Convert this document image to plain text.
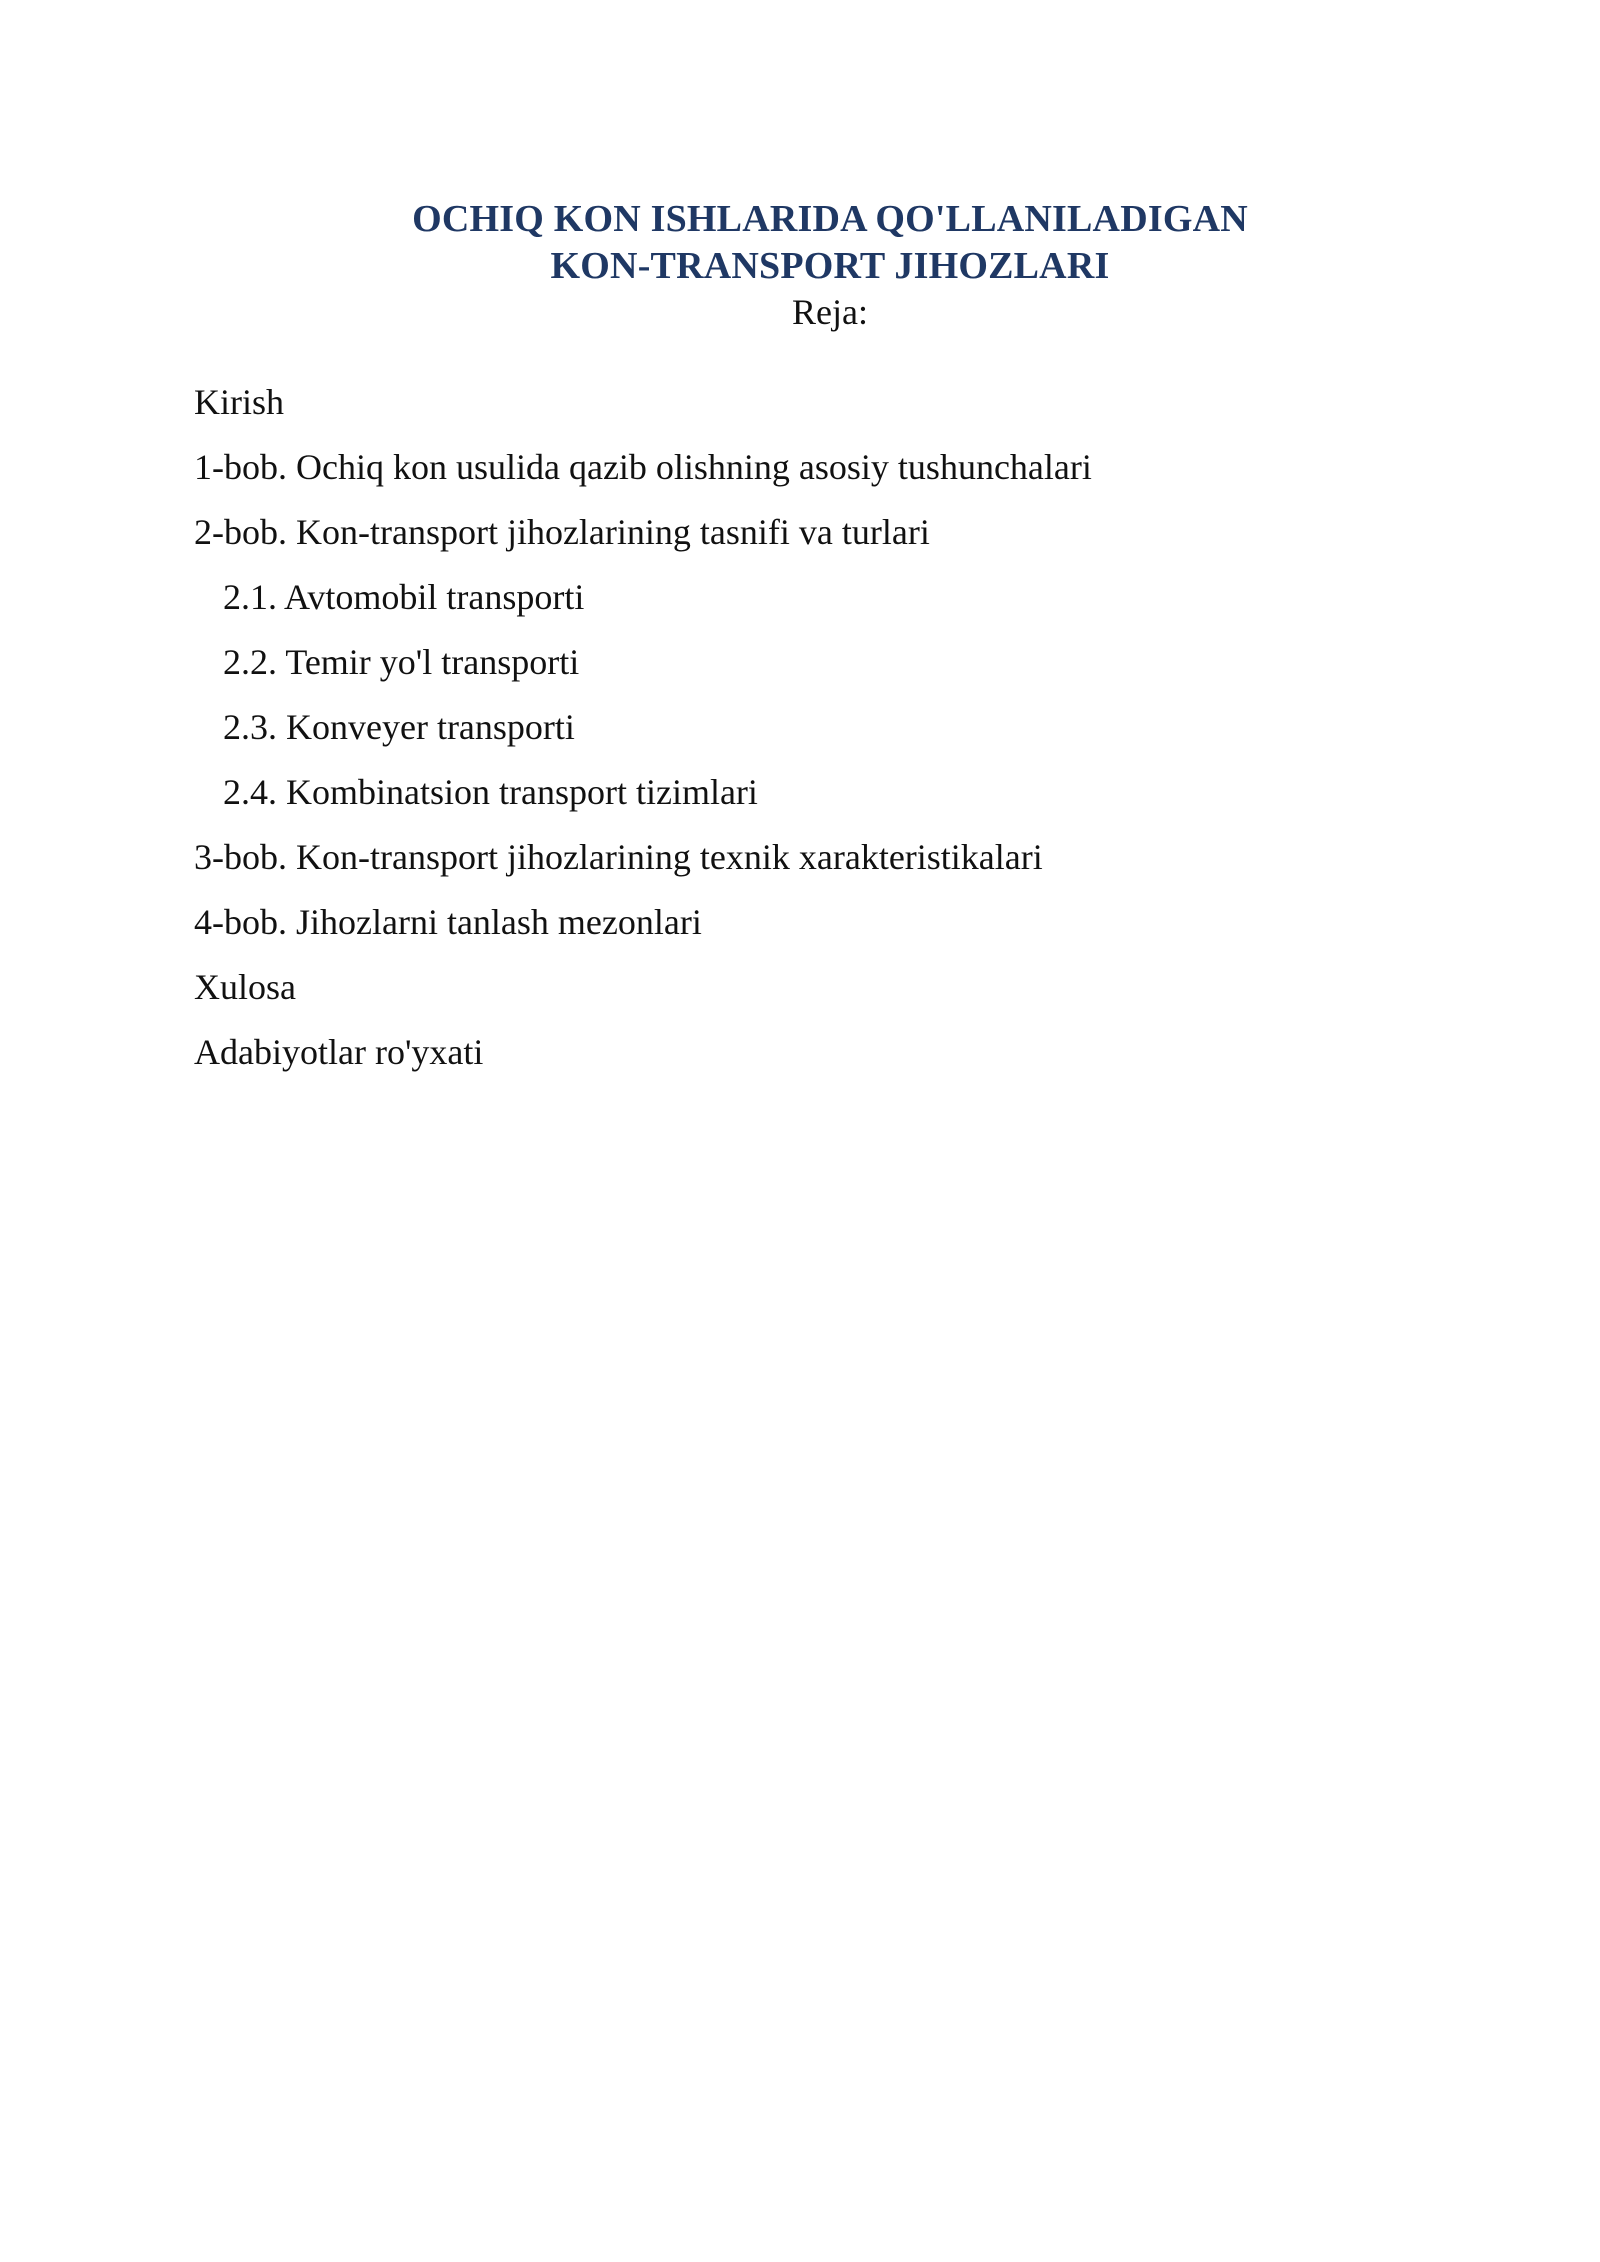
OCHIQ KON ISHLARIDA QO'LLANILADIGAN
KON-TRANSPORT JIHOZLARI
Reja:
Kirish
1-bob. Ochiq kon usulida qazib olishning asosiy tushunchalari
2-bob. Kon-transport jihozlarining tasnifi va turlari
2.1. Avtomobil transporti
2.2. Temir yo'l transporti
2.3. Konveyer transporti
2.4. Kombinatsion transport tizimlari
3-bob. Kon-transport jihozlarining texnik xarakteristikalari
4-bob. Jihozlarni tanlash mezonlari
Xulosa
Adabiyotlar ro'yxati
